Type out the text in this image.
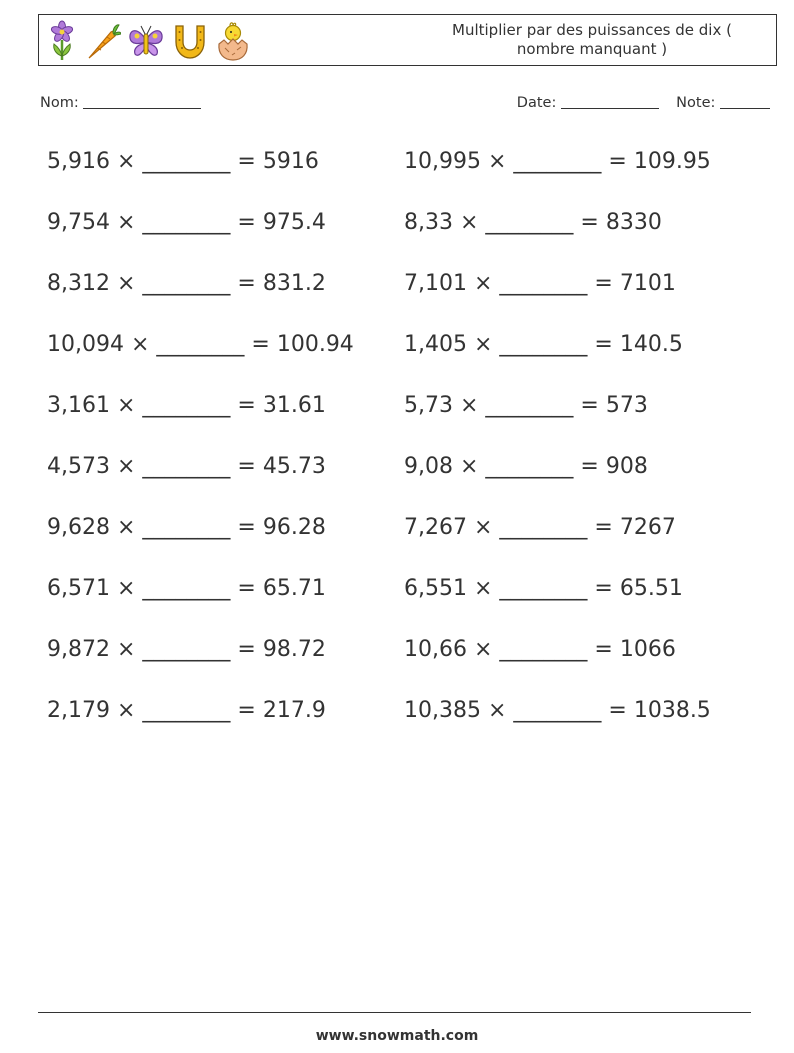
Multiplier par des puissances de dix ( nombre manquant )
Nom:	Date:	Note:
5,916 × ________ = 5916
9,754 × ________ = 975.4
8,312 × ________ = 831.2
10,094 × ________ = 100.94
3,161 × ________ = 31.61
4,573 × ________ = 45.73
9,628 × ________ = 96.28
6,571 × ________ = 65.71
9,872 × ________ = 98.72
2,179 × ________ = 217.9
10,995 × ________ = 109.95
8,33 × ________ = 8330
7,101 × ________ = 7101
1,405 × ________ = 140.5
5,73 × ________ = 573
9,08 × ________ = 908
7,267 × ________ = 7267
6,551 × ________ = 65.51
10,66 × ________ = 1066
10,385 × ________ = 1038.5
www.snowmath.com
